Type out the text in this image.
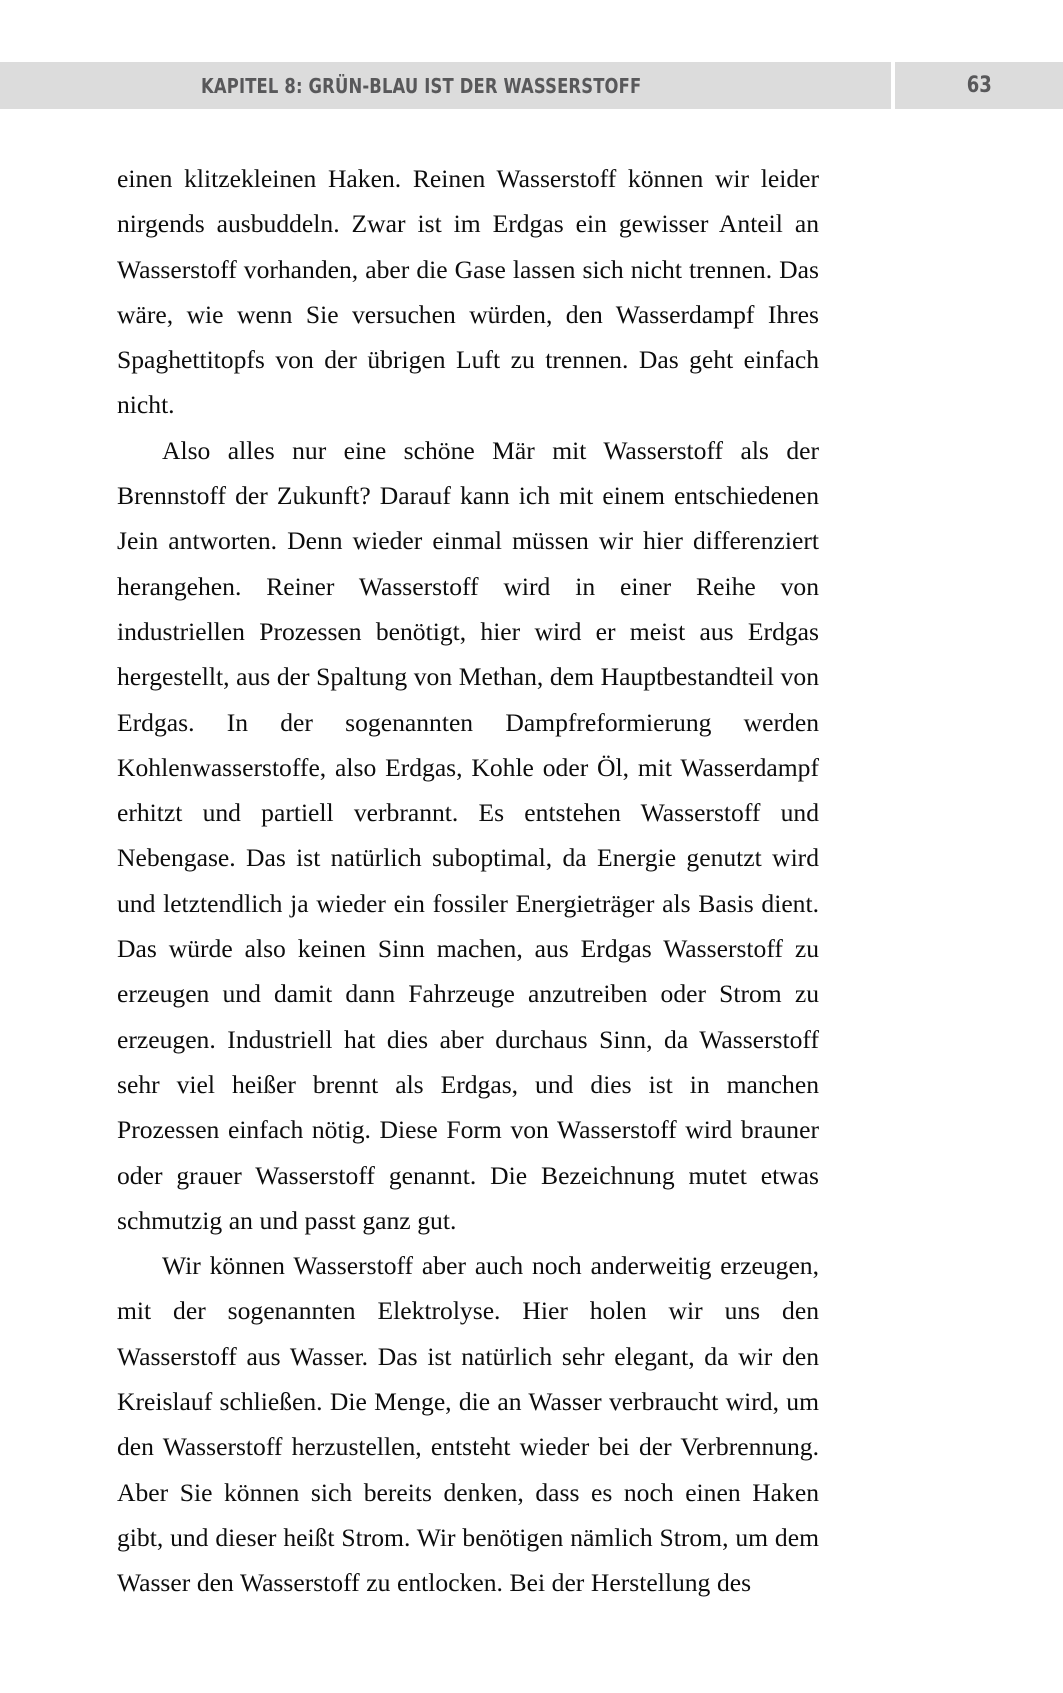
KAPITEL 8: GRÜN-BLAU IST DER WASSERSTOFF	63

einen klitzekleinen Haken. Reinen Wasserstoff können wir leider nirgends ausbuddeln. Zwar ist im Erdgas ein gewisser Anteil an Wasserstoff vorhanden, aber die Gase lassen sich nicht trennen. Das wäre, wie wenn Sie versuchen würden, den Wasserdampf Ihres Spaghettitopfs von der übrigen Luft zu trennen. Das geht einfach nicht.

Also alles nur eine schöne Mär mit Wasserstoff als der Brennstoff der Zukunft? Darauf kann ich mit einem entschiedenen Jein antworten. Denn wieder einmal müssen wir hier differenziert herangehen. Reiner Wasserstoff wird in einer Reihe von industriellen Prozessen benötigt, hier wird er meist aus Erdgas hergestellt, aus der Spaltung von Methan, dem Hauptbestandteil von Erdgas. In der sogenannten Dampfreformierung werden Kohlenwasserstoffe, also Erdgas, Kohle oder Öl, mit Wasserdampf erhitzt und partiell verbrannt. Es entstehen Wasserstoff und Nebengase. Das ist natürlich suboptimal, da Energie genutzt wird und letztendlich ja wieder ein fossiler Energieträger als Basis dient. Das würde also keinen Sinn machen, aus Erdgas Wasserstoff zu erzeugen und damit dann Fahrzeuge anzutreiben oder Strom zu erzeugen. Industriell hat dies aber durchaus Sinn, da Wasserstoff sehr viel heißer brennt als Erdgas, und dies ist in manchen Prozessen einfach nötig. Diese Form von Wasserstoff wird brauner oder grauer Wasserstoff genannt. Die Bezeichnung mutet etwas schmutzig an und passt ganz gut.

Wir können Wasserstoff aber auch noch anderweitig erzeugen, mit der sogenannten Elektrolyse. Hier holen wir uns den Wasserstoff aus Wasser. Das ist natürlich sehr elegant, da wir den Kreislauf schließen. Die Menge, die an Wasser verbraucht wird, um den Wasserstoff herzustellen, entsteht wieder bei der Verbrennung. Aber Sie können sich bereits denken, dass es noch einen Haken gibt, und dieser heißt Strom. Wir benötigen nämlich Strom, um dem Wasser den Wasserstoff zu entlocken. Bei der Herstellung des
